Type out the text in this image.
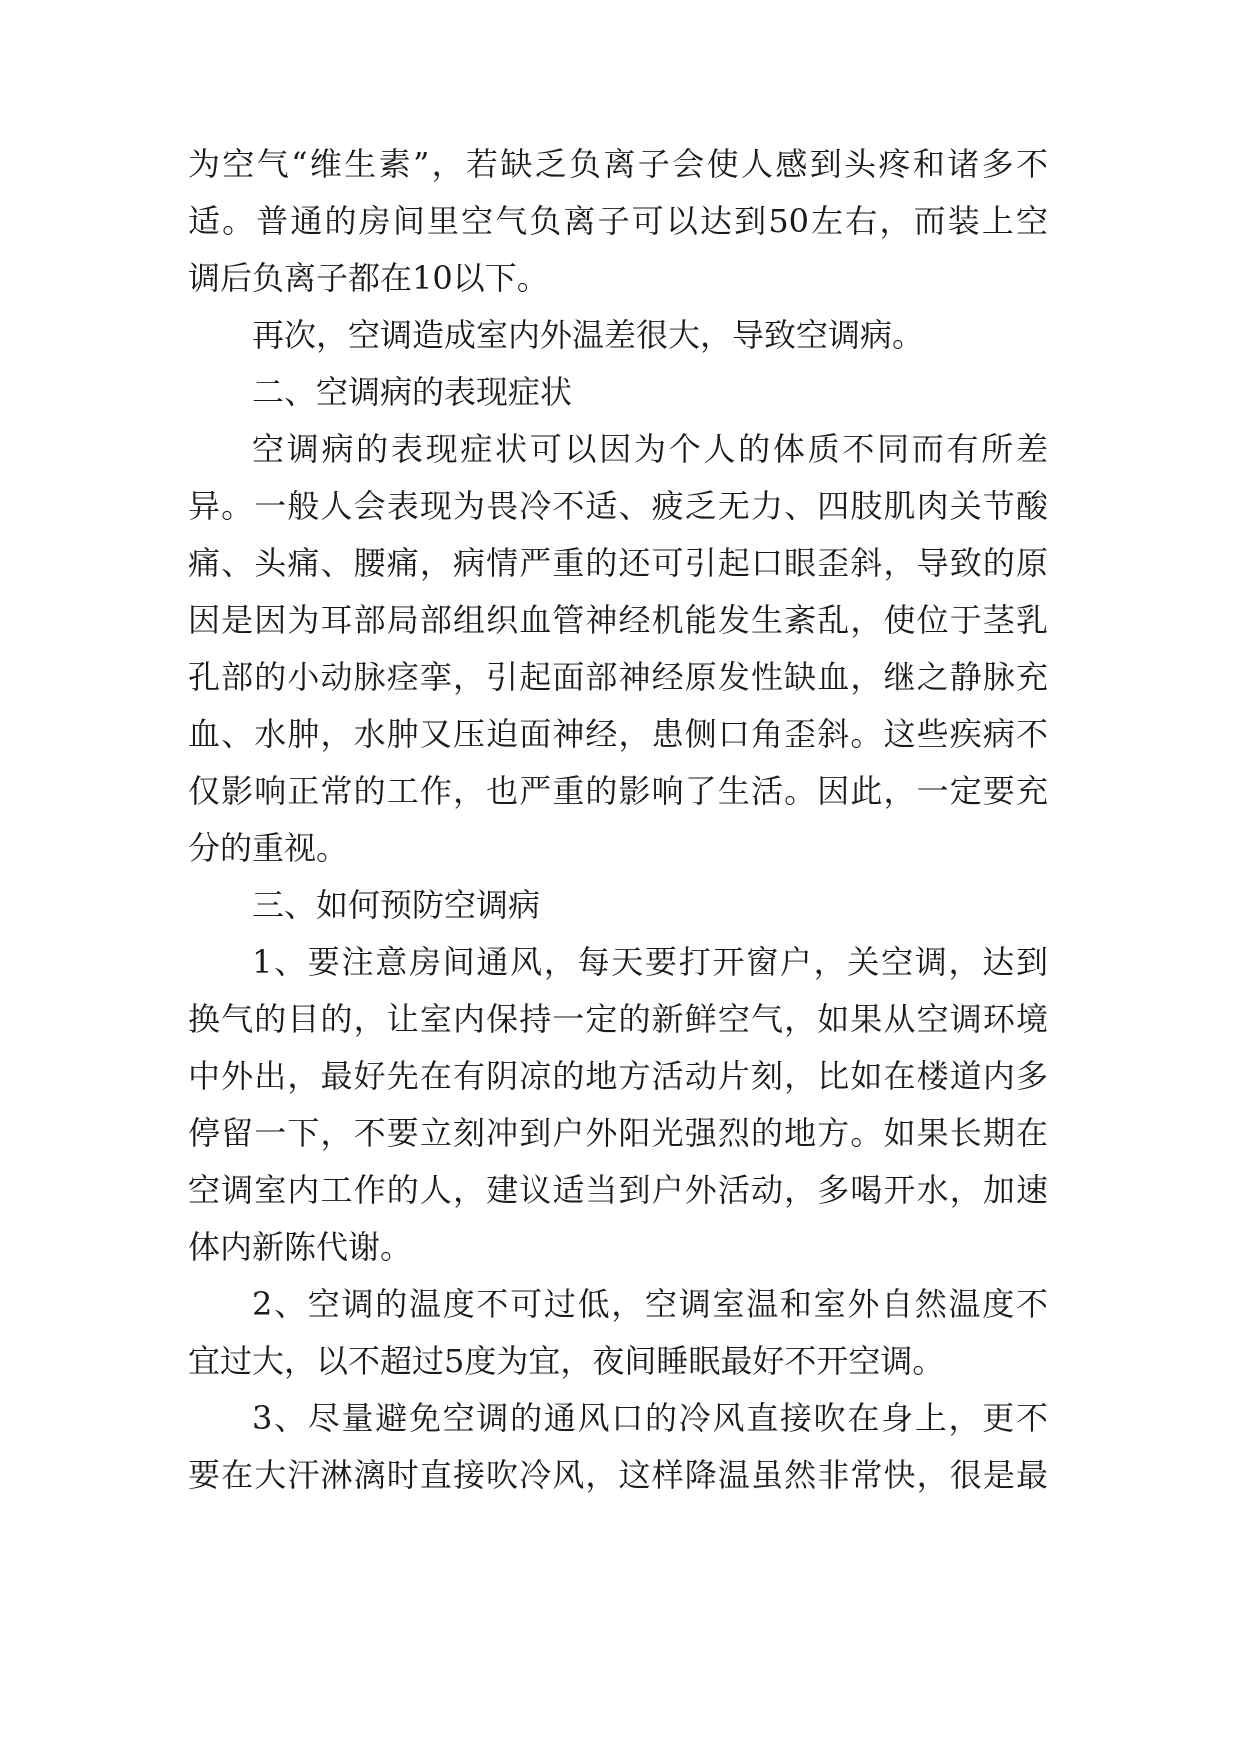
为空气“维生素”，若缺乏负离子会使人感到头疼和诸多不
适。普通的房间里空气负离子可以达到50左右，而装上空
调后负离子都在10以下。
再次，空调造成室内外温差很大，导致空调病。
二、空调病的表现症状
空调病的表现症状可以因为个人的体质不同而有所差
异。一般人会表现为畏冷不适、疲乏无力、四肢肌肉关节酸
痛、头痛、腰痛，病情严重的还可引起口眼歪斜，导致的原
因是因为耳部局部组织血管神经机能发生紊乱，使位于茎乳
孔部的小动脉痉挛，引起面部神经原发性缺血，继之静脉充
血、水肿，水肿又压迫面神经，患侧口角歪斜。这些疾病不
仅影响正常的工作，也严重的影响了生活。因此，一定要充
分的重视。
三、如何预防空调病
1、要注意房间通风，每天要打开窗户，关空调，达到
换气的目的，让室内保持一定的新鲜空气，如果从空调环境
中外出，最好先在有阴凉的地方活动片刻，比如在楼道内多
停留一下，不要立刻冲到户外阳光强烈的地方。如果长期在
空调室内工作的人，建议适当到户外活动，多喝开水，加速
体内新陈代谢。
2、空调的温度不可过低，空调室温和室外自然温度不
宜过大，以不超过5度为宜，夜间睡眠最好不开空调。
3、尽量避免空调的通风口的冷风直接吹在身上，更不
要在大汗淋漓时直接吹冷风，这样降温虽然非常快，很是最
